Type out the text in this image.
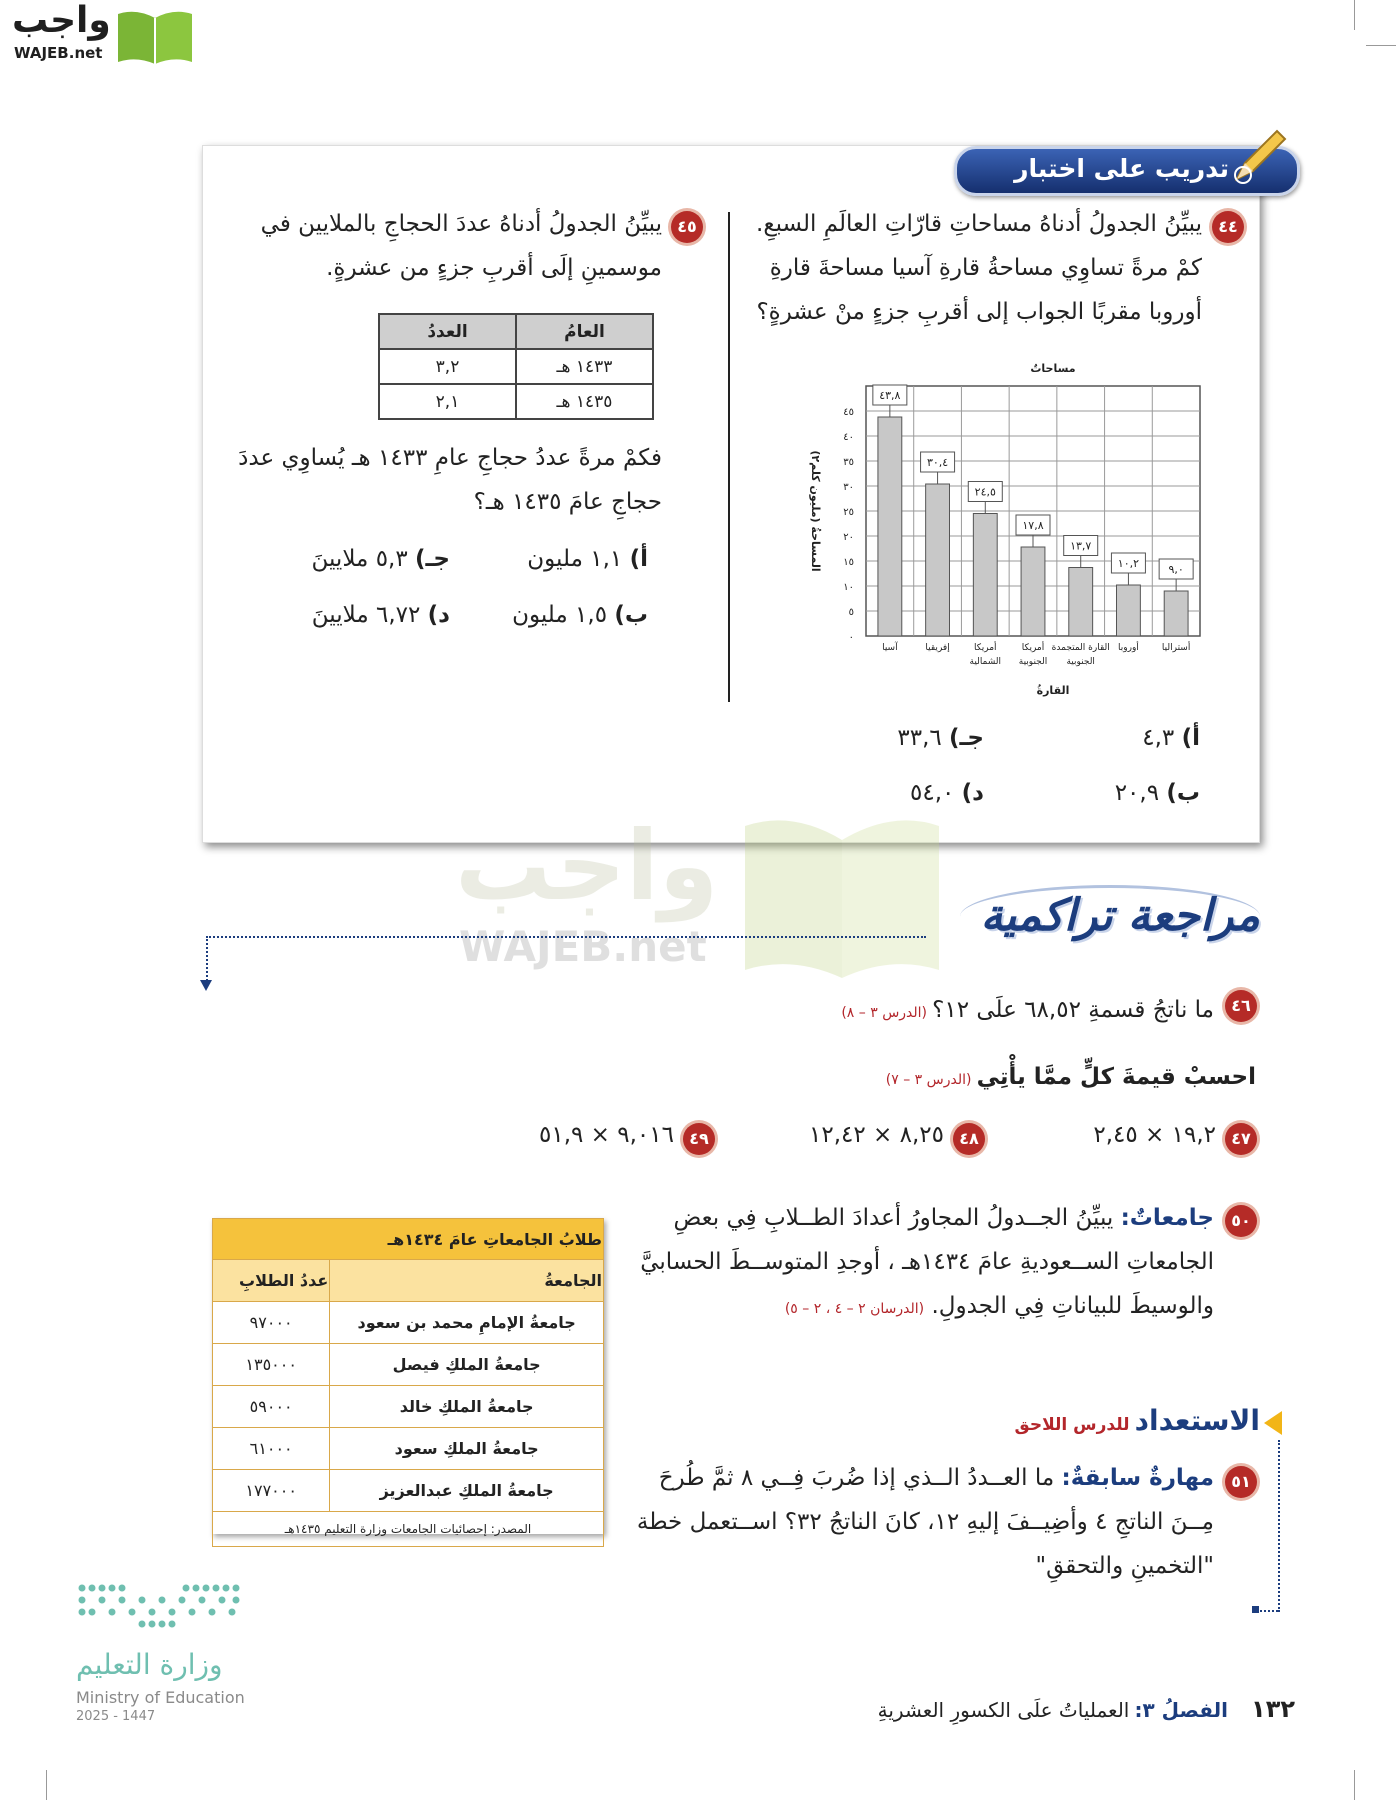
واجب
WAJEB.net
تدريب على اختبار
٤٤
يبيِّنُ الجدولُ أدناهُ مساحاتِ قارّاتِ العالَمِ السبعِ.
كمْ مرةً تساوِي مساحةُ قارةِ آسيا مساحةَ قارةِ
أوروبا مقربًا الجواب إلى أقربِ جزءٍ منْ عشرةٍ؟
٠
٥
١٠
١٥
٢٠
٢٥
٣٠
٣٥
٤٠
٤٥
٤٣,٨
آسيا
٣٠,٤
إفريقيا
٢٤,٥
أمريكا
الشمالية
١٧,٨
أمريكا
الجنوبية
١٣,٧
القارة المتجمدة
الجنوبية
١٠,٢
أوروبا
٩,٠
أستراليا
مساحاتٌ
القارةُ
المساحةُ (مليون كلم٢)
أ) ٤,٣
ب) ٢٠,٩
جـ) ٣٣,٦
د) ٥٤,٠
٤٥
يبيِّنُ الجدولُ أدناهُ عددَ الحجاجِ بالملايين في
موسمينِ إلَى أقربِ جزءٍ من عشرةٍ.
العامُ	العددُ
١٤٣٣ هـ	٣,٢
١٤٣٥ هـ	٢,١
فكمْ مرةً عددُ حجاجِ عامِ ١٤٣٣ هـ يُساوِي عددَ
حجاجِ عامَ ١٤٣٥ هـ؟
أ) ١,١ مليون
ب) ١,٥ مليون
جـ) ٥,٣ ملايينَ
د) ٦,٧٢ ملايينَ
واجب
WAJEB.net
مراجعة تراكمية
٤٦
ما ناتجُ قسمةِ ٦٨,٥٢ علَى ١٢؟ (الدرس ٣ – ٨)
احسبْ قيمةَ كلٍّ ممَّا يأْتِي (الدرس ٣ – ٧)
٤٧
١٩,٢ × ٢,٤٥
٤٨
٨,٢٥ × ١٢,٤٢
٤٩
٩,٠١٦ × ٥١,٩
٥٠
جامعاتٌ: يبيِّنُ الجــدولُ المجاورُ أعدادَ الطــلابِ فِي بعضِ
الجامعاتِ الســعوديةِ عامَ ١٤٣٤هـ ، أوجدِ المتوســطَ الحسابيَّ
والوسيطَ للبياناتِ فِي الجدولِ. (الدرسان ٢ – ٤ ، ٢ – ٥)
طلابُ الجامعاتِ عامَ ١٤٣٤هـ	
الجامعةُ	عددُ الطلابِ
جامعةُ الإمامِ محمد بن سعود	٩٧٠٠٠
جامعةُ الملكِ فيصل	١٣٥٠٠٠
جامعةُ الملكِ خالد	٥٩٠٠٠
جامعةُ الملكِ سعود	٦١٠٠٠
جامعةُ الملكِ عبدالعزيز	١٧٧٠٠٠
المصدر: إحصائيات الجامعات وزارة التعليم ١٤٣٥هـ	
الاستعداد للدرس اللاحق
٥١
مهارةٌ سابقةٌ: ما العــددُ الــذي إذا ضُربَ فِــي ٨ ثمَّ طُرحَ
مِــنَ الناتجِ ٤ وأضِيــفَ إليهِ ١٢، كانَ الناتجُ ٣٢؟ اســتعمل خطة
"التخمينِ والتحققِ"
وزارة التعليم
Ministry of Education
2025 - 1447	١٣٢ الفصلُ ٣: العملياتُ علَى الكسورِ العشريةِ
